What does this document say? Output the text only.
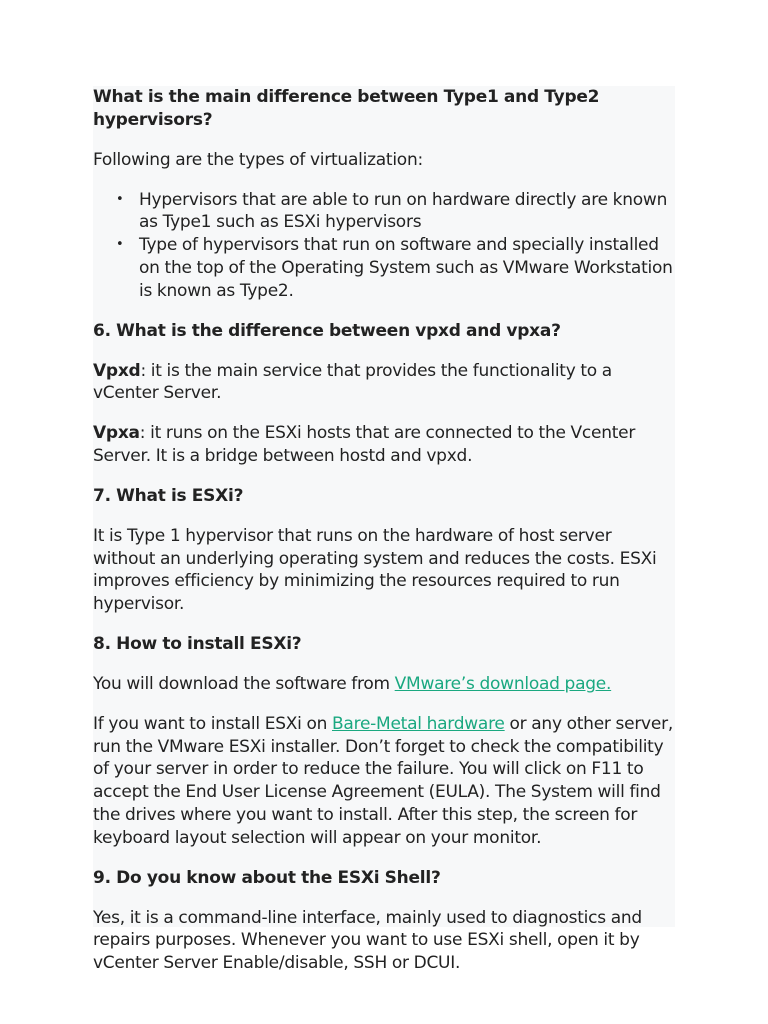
What is the main difference between Type1 and Type2 hypervisors?

Following are the types of virtualization:

• Hypervisors that are able to run on hardware directly are known as Type1 such as ESXi hypervisors
• Type of hypervisors that run on software and specially installed on the top of the Operating System such as VMware Workstation is known as Type2.

6. What is the difference between vpxd and vpxa?

Vpxd: it is the main service that provides the functionality to a vCenter Server.

Vpxa: it runs on the ESXi hosts that are connected to the Vcenter Server. It is a bridge between hostd and vpxd.

7. What is ESXi?

It is Type 1 hypervisor that runs on the hardware of host server without an underlying operating system and reduces the costs. ESXi improves efficiency by minimizing the resources required to run hypervisor.

8. How to install ESXi?

You will download the software from VMware’s download page.

If you want to install ESXi on Bare-Metal hardware or any other server, run the VMware ESXi installer. Don’t forget to check the compatibility of your server in order to reduce the failure. You will click on F11 to accept the End User License Agreement (EULA). The System will find the drives where you want to install. After this step, the screen for keyboard layout selection will appear on your monitor.

9. Do you know about the ESXi Shell?

Yes, it is a command-line interface, mainly used to diagnostics and repairs purposes. Whenever you want to use ESXi shell, open it by vCenter Server Enable/disable, SSH or DCUI.
